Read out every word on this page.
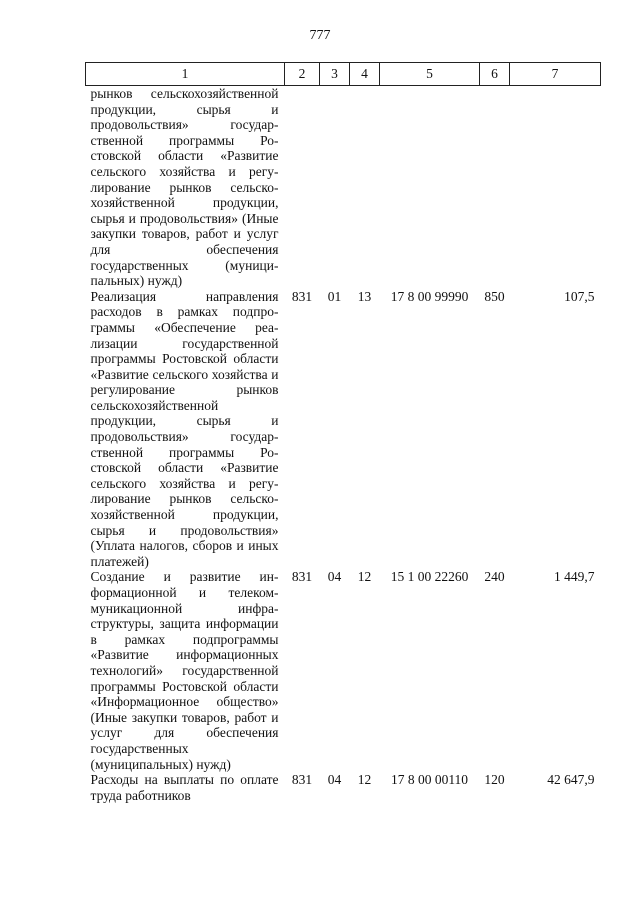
777
1	2	3	4	5	6	7
рынков сельскохозяйственной продукции, сырья и продовольствия» государственной программы Ростовской области «Развитие сельского хозяйства и регулирование рынков сельскохозяйственной продукции, сырья и продовольствия» (Иные закупки товаров, работ и услуг для обеспечения государственных (муниципальных) нужд)						
Реализация направления расходов в рамках подпрограммы «Обеспечение реализации государственной программы Ростовской области «Развитие сельского хозяйства и регулирование рынков сельскохозяйственной продукции, сырья и продовольствия» государственной программы Ростовской области «Развитие сельского хозяйства и регулирование рынков сельскохозяйственной продукции, сырья и продовольствия» (Уплата налогов, сборов и иных платежей)	831	01	13	17 8 00 99990	850	107,5
Создание и развитие информационной и телекоммуникационной инфраструктуры, защита информации в рамках подпрограммы «Развитие информационных технологий» государственной программы Ростовской области «Информационное общество» (Иные закупки товаров, работ и услуг для обеспечения государственных (муниципальных) нужд)	831	04	12	15 1 00 22260	240	1 449,7
Расходы на выплаты по оплате труда работников	831	04	12	17 8 00 00110	120	42 647,9
